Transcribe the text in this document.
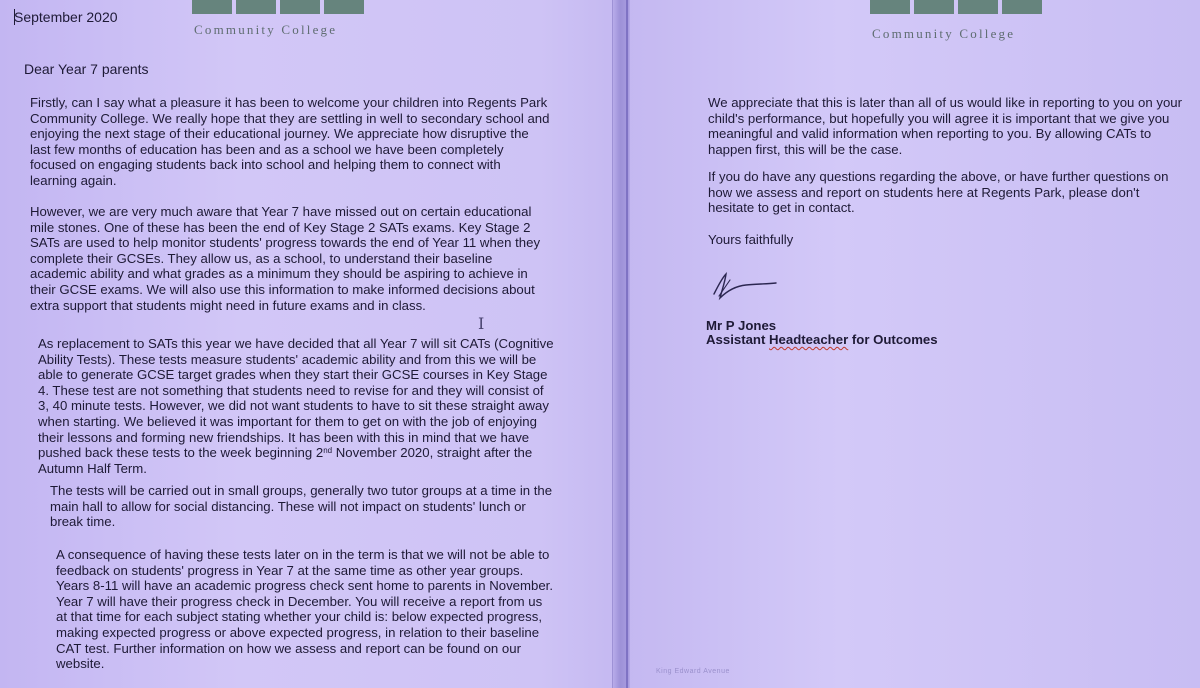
Community College
September 2020
Dear Year 7 parents

Firstly, can I say what a pleasure it has been to welcome your children into Regents Park Community College. We really hope that they are settling in well to secondary school and enjoying the next stage of their educational journey. We appreciate how disruptive the last few months of education has been and as a school we have been completely focused on engaging students back into school and helping them to connect with learning again.

However, we are very much aware that Year 7 have missed out on certain educational mile stones. One of these has been the end of Key Stage 2 SATs exams. Key Stage 2 SATs are used to help monitor students' progress towards the end of Year 11 when they complete their GCSEs. They allow us, as a school, to understand their baseline academic ability and what grades as a minimum they should be aspiring to achieve in their GCSE exams. We will also use this information to make informed decisions about extra support that students might need in future exams and in class.

As replacement to SATs this year we have decided that all Year 7 will sit CATs (Cognitive Ability Tests). These tests measure students' academic ability and from this we will be able to generate GCSE target grades when they start their GCSE courses in Key Stage 4. These test are not something that students need to revise for and they will consist of 3, 40 minute tests. However, we did not want students to have to sit these straight away when starting. We believed it was important for them to get on with the job of enjoying their lessons and forming new friendships. It has been with this in mind that we have pushed back these tests to the week beginning 2nd November 2020, straight after the Autumn Half Term.

I

The tests will be carried out in small groups, generally two tutor groups at a time in the main hall to allow for social distancing. These will not impact on students' lunch or break time.

A consequence of having these tests later on in the term is that we will not be able to feedback on students' progress in Year 7 at the same time as other year groups. Years 8-11 will have an academic progress check sent home to parents in November. Year 7 will have their progress check in December. You will receive a report from us at that time for each subject stating whether your child is: below expected progress, making expected progress or above expected progress, in relation to their baseline CAT test. Further information on how we assess and report can be found on our website.

Community College

We appreciate that this is later than all of us would like in reporting to you on your child's performance, but hopefully you will agree it is important that we give you meaningful and valid information when reporting to you. By allowing CATs to happen first, this will be the case.

If you do have any questions regarding the above, or have further questions on how we assess and report on students here at Regents Park, please don't hesitate to get in contact.

Yours faithfully
Mr P Jones
Assistant Headteacher for Outcomes
King Edward Avenue
